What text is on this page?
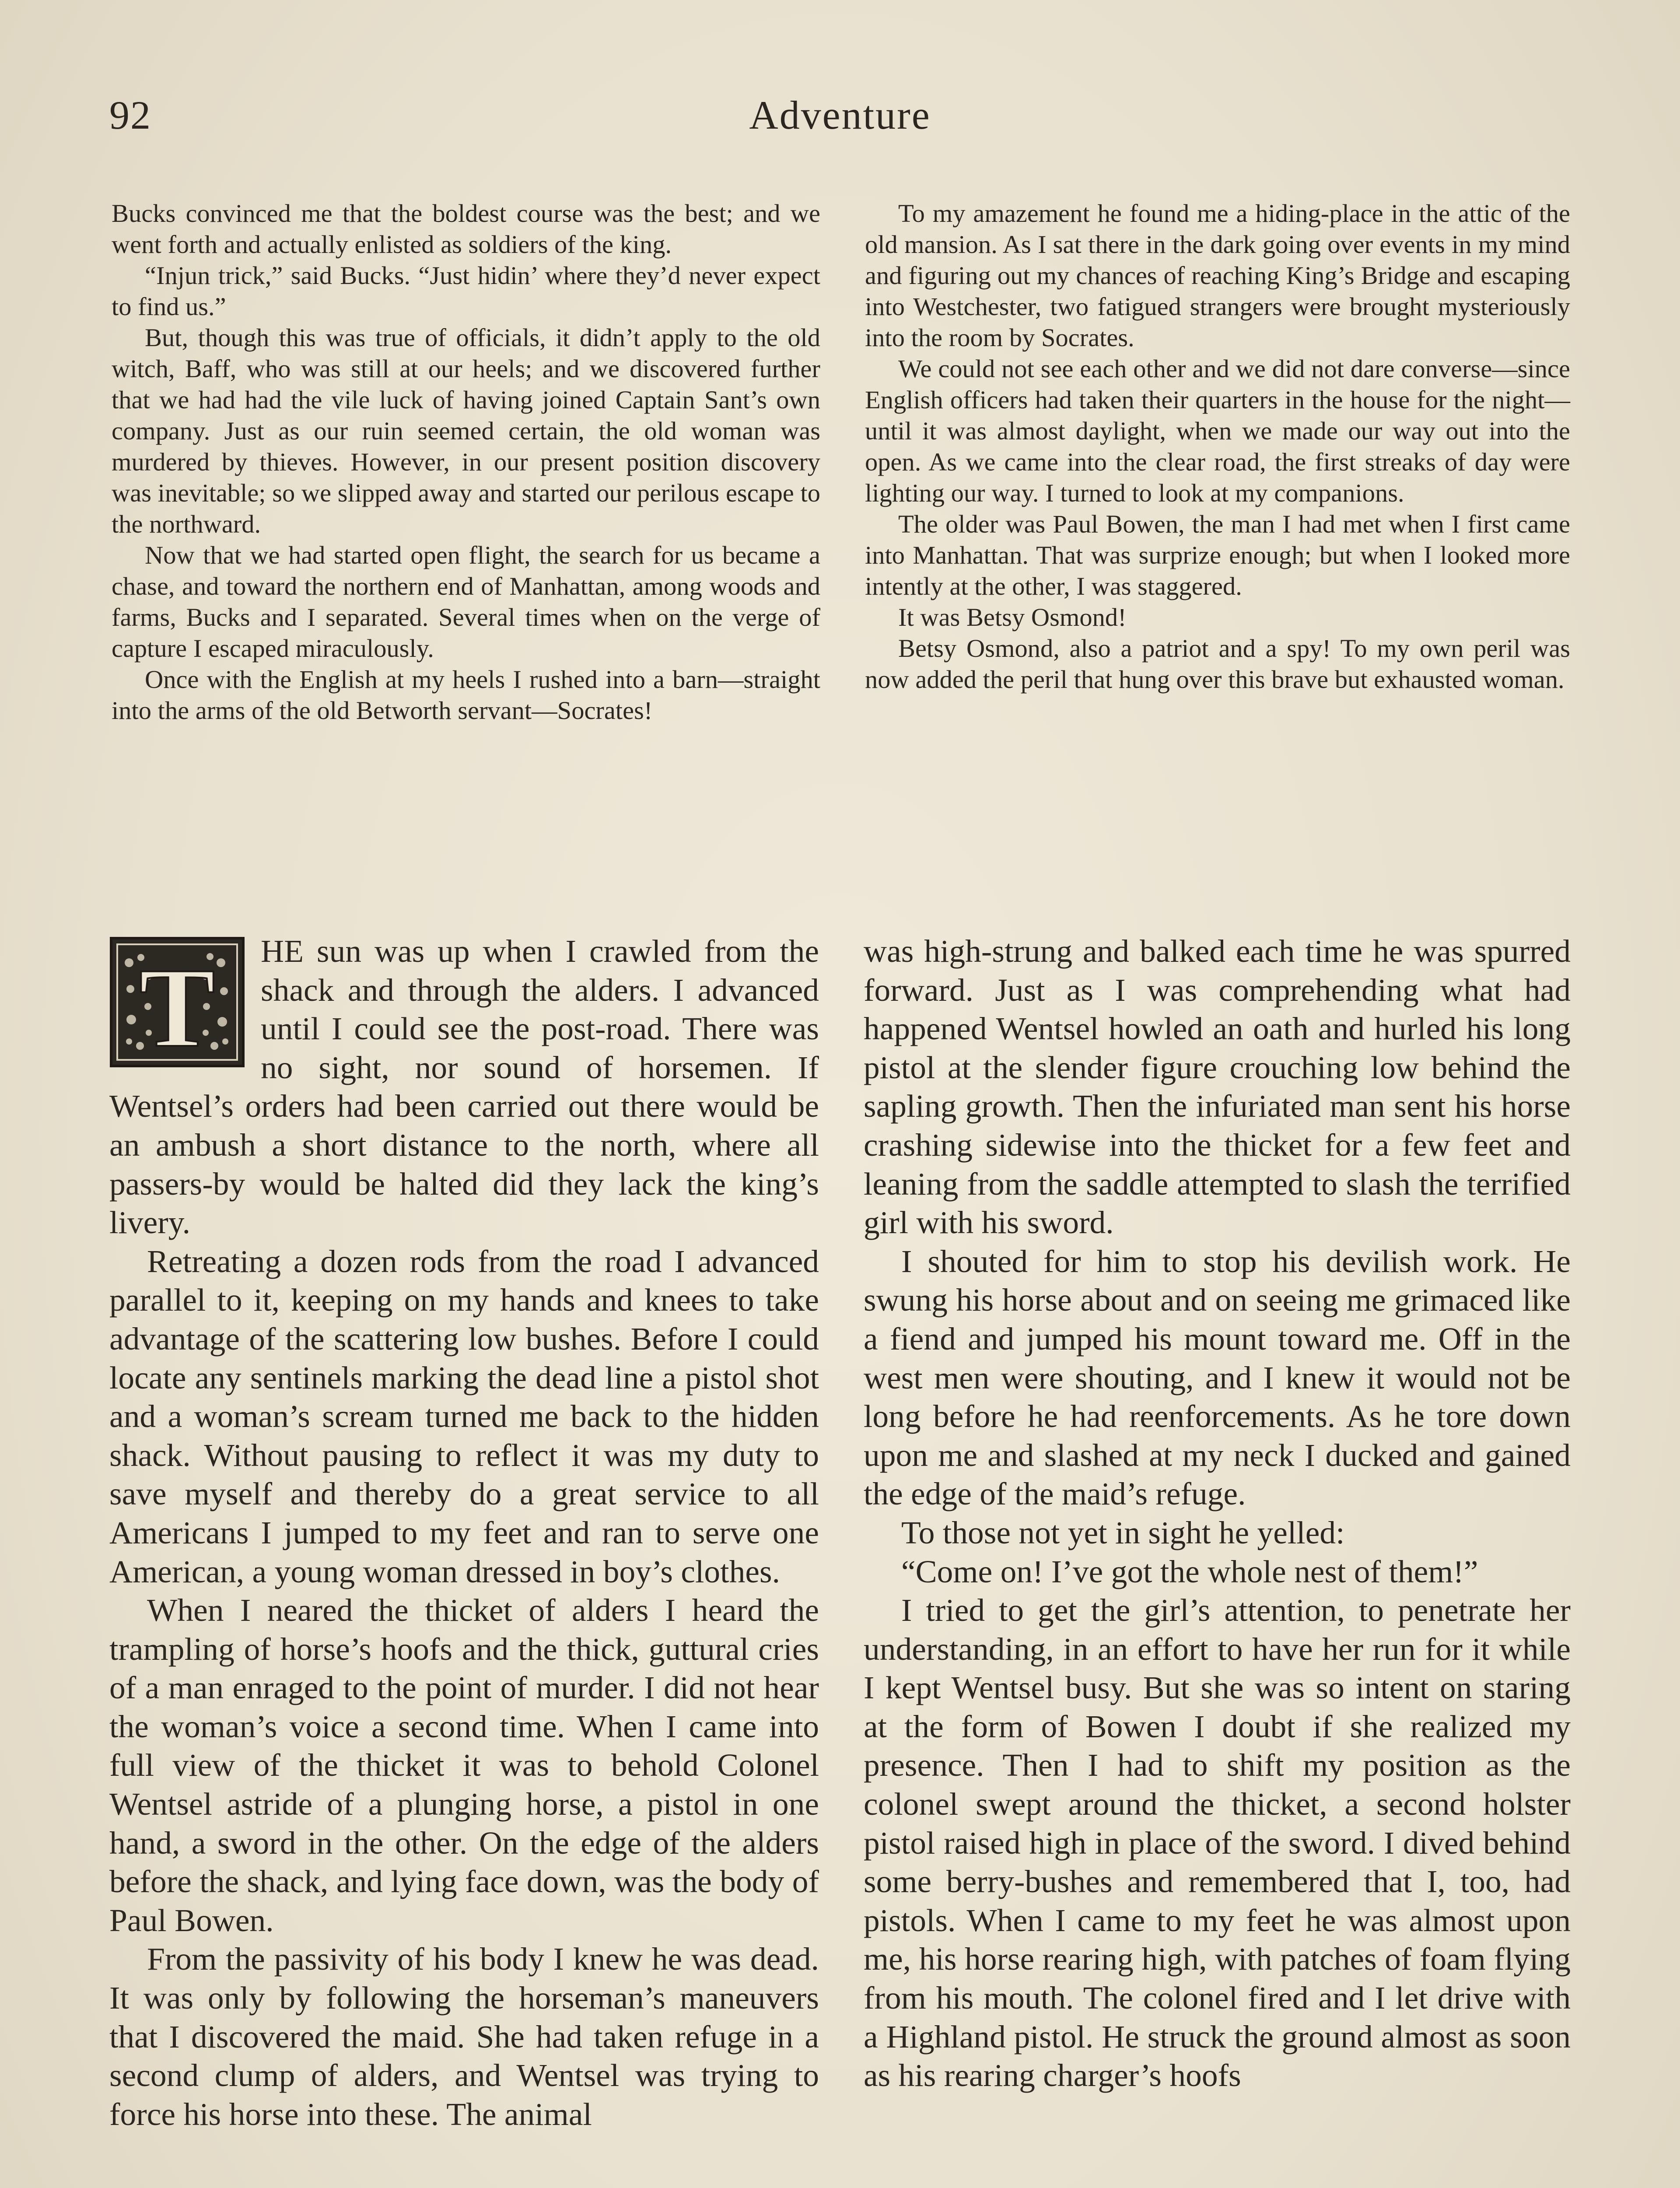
92	Adventure

Bucks convinced me that the boldest course was the best; and we went forth and actually enlisted as soldiers of the king.

“Injun trick,” said Bucks. “Just hidin’ where they’d never expect to find us.”

But, though this was true of officials, it didn’t apply to the old witch, Baff, who was still at our heels; and we discovered further that we had had the vile luck of having joined Captain Sant’s own company. Just as our ruin seemed certain, the old woman was murdered by thieves. However, in our present position discovery was inevitable; so we slipped away and started our perilous escape to the northward.

Now that we had started open flight, the search for us became a chase, and toward the northern end of Manhattan, among woods and farms, Bucks and I separated. Several times when on the verge of capture I escaped miraculously.

Once with the English at my heels I rushed into a barn—straight into the arms of the old Betworth servant—Socrates!

To my amazement he found me a hiding-place in the attic of the old mansion. As I sat there in the dark going over events in my mind and figuring out my chances of reaching King’s Bridge and escaping into Westchester, two fatigued strangers were brought mysteriously into the room by Socrates.

We could not see each other and we did not dare converse—since English officers had taken their quarters in the house for the night—until it was almost daylight, when we made our way out into the open. As we came into the clear road, the first streaks of day were lighting our way. I turned to look at my companions.

The older was Paul Bowen, the man I had met when I first came into Manhattan. That was surprize enough; but when I looked more intently at the other, I was staggered.

It was Betsy Osmond!

Betsy Osmond, also a patriot and a spy! To my own peril was now added the peril that hung over this brave but exhausted woman.

T	HE sun was up when I crawled from the shack and through the alders. I advanced until I could see the post-road. There was no sight, nor sound of horsemen. If Wentsel’s orders had been carried out there would be an ambush a short distance to the north, where all passers-by would be halted did they lack the king’s livery.

Retreating a dozen rods from the road I advanced parallel to it, keeping on my hands and knees to take advantage of the scattering low bushes. Before I could locate any sentinels marking the dead line a pistol shot and a woman’s scream turned me back to the hidden shack. Without pausing to reflect it was my duty to save myself and thereby do a great service to all Americans I jumped to my feet and ran to serve one American, a young woman dressed in boy’s clothes.

When I neared the thicket of alders I heard the trampling of horse’s hoofs and the thick, guttural cries of a man enraged to the point of murder. I did not hear the woman’s voice a second time. When I came into full view of the thicket it was to behold Colonel Wentsel astride of a plunging horse, a pistol in one hand, a sword in the other. On the edge of the alders before the shack, and lying face down, was the body of Paul Bowen.

From the passivity of his body I knew he was dead. It was only by following the horseman’s maneuvers that I discovered the maid. She had taken refuge in a second clump of alders, and Wentsel was trying to force his horse into these. The animal

was high-strung and balked each time he was spurred forward. Just as I was comprehending what had happened Wentsel howled an oath and hurled his long pistol at the slender figure crouching low behind the sapling growth. Then the infuriated man sent his horse crashing sidewise into the thicket for a few feet and leaning from the saddle attempted to slash the terrified girl with his sword.

I shouted for him to stop his devilish work. He swung his horse about and on seeing me grimaced like a fiend and jumped his mount toward me. Off in the west men were shouting, and I knew it would not be long before he had reenforcements. As he tore down upon me and slashed at my neck I ducked and gained the edge of the maid’s refuge.

To those not yet in sight he yelled:

“Come on! I’ve got the whole nest of them!”

I tried to get the girl’s attention, to penetrate her understanding, in an effort to have her run for it while I kept Wentsel busy. But she was so intent on staring at the form of Bowen I doubt if she realized my presence. Then I had to shift my position as the colonel swept around the thicket, a second holster pistol raised high in place of the sword. I dived behind some berry-bushes and remembered that I, too, had pistols. When I came to my feet he was almost upon me, his horse rearing high, with patches of foam flying from his mouth. The colonel fired and I let drive with a Highland pistol. He struck the ground almost as soon as his rearing charger’s hoofs
